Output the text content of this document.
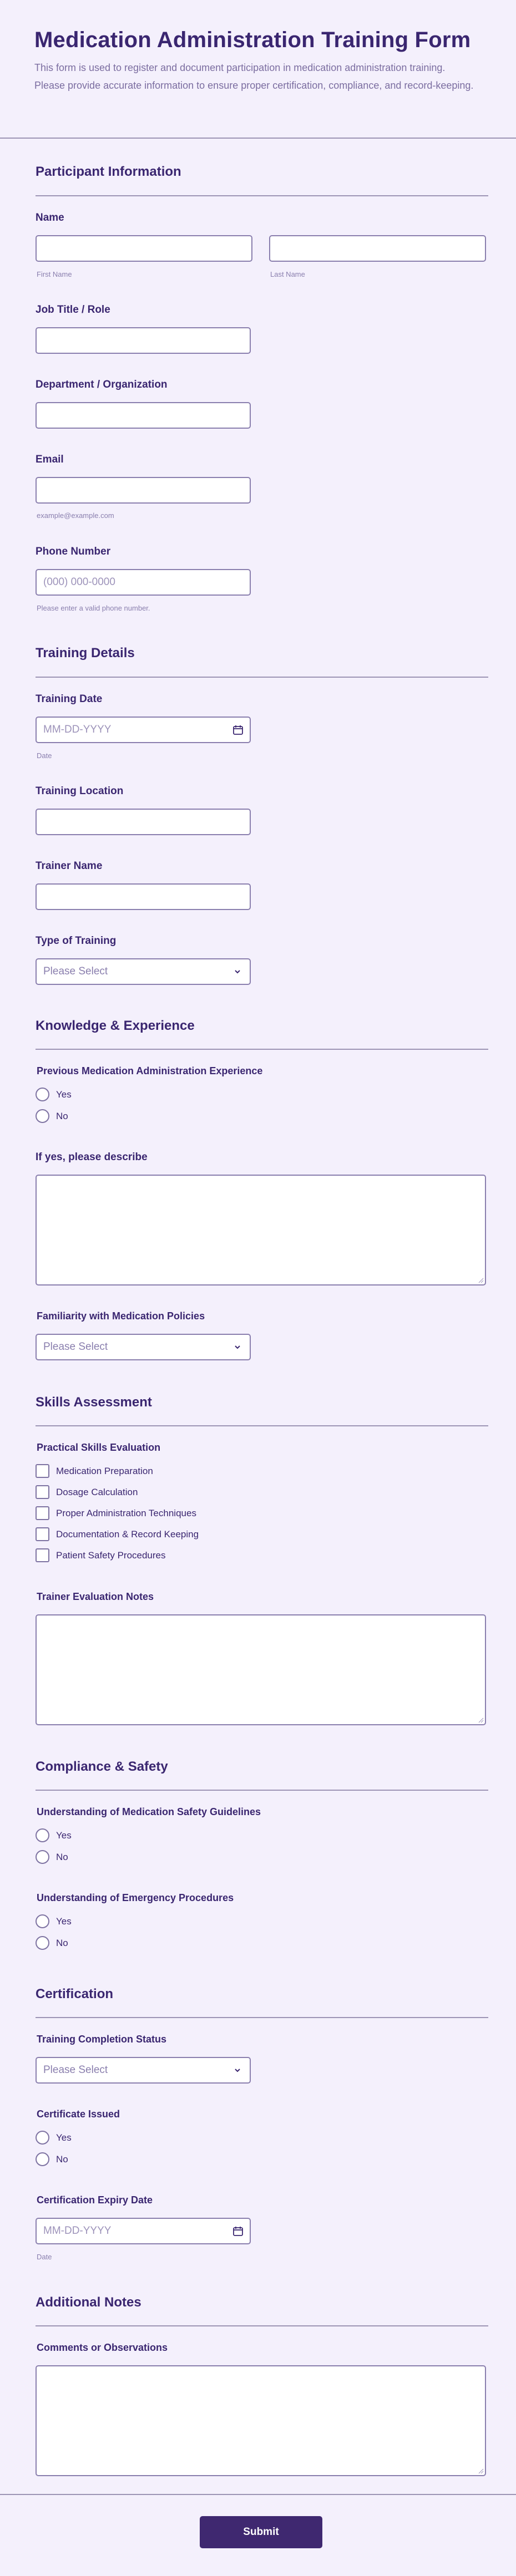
Medication Administration Training Form

This form is used to register and document participation in medication administration training. Please provide accurate information to ensure proper certification, compliance, and record-keeping.

Participant Information
Name
First Name	Last Name
Job Title / Role
Department / Organization
Email
example@example.com
Phone Number
(000) 000-0000
Please enter a valid phone number.
Training Details
Training Date
MM-DD-YYYY
Date
Training Location
Trainer Name
Type of Training
Please Select
Knowledge & Experience
Previous Medication Administration Experience
Yes
No
If yes, please describe
Familiarity with Medication Policies
Please Select
Skills Assessment
Practical Skills Evaluation
Medication Preparation
Dosage Calculation
Proper Administration Techniques
Documentation & Record Keeping
Patient Safety Procedures
Trainer Evaluation Notes
Compliance & Safety
Understanding of Medication Safety Guidelines
Yes
No
Understanding of Emergency Procedures
Yes
No
Certification
Training Completion Status
Please Select
Certificate Issued
Yes
No
Certification Expiry Date
MM-DD-YYYY
Date
Additional Notes
Comments or Observations
Submit
